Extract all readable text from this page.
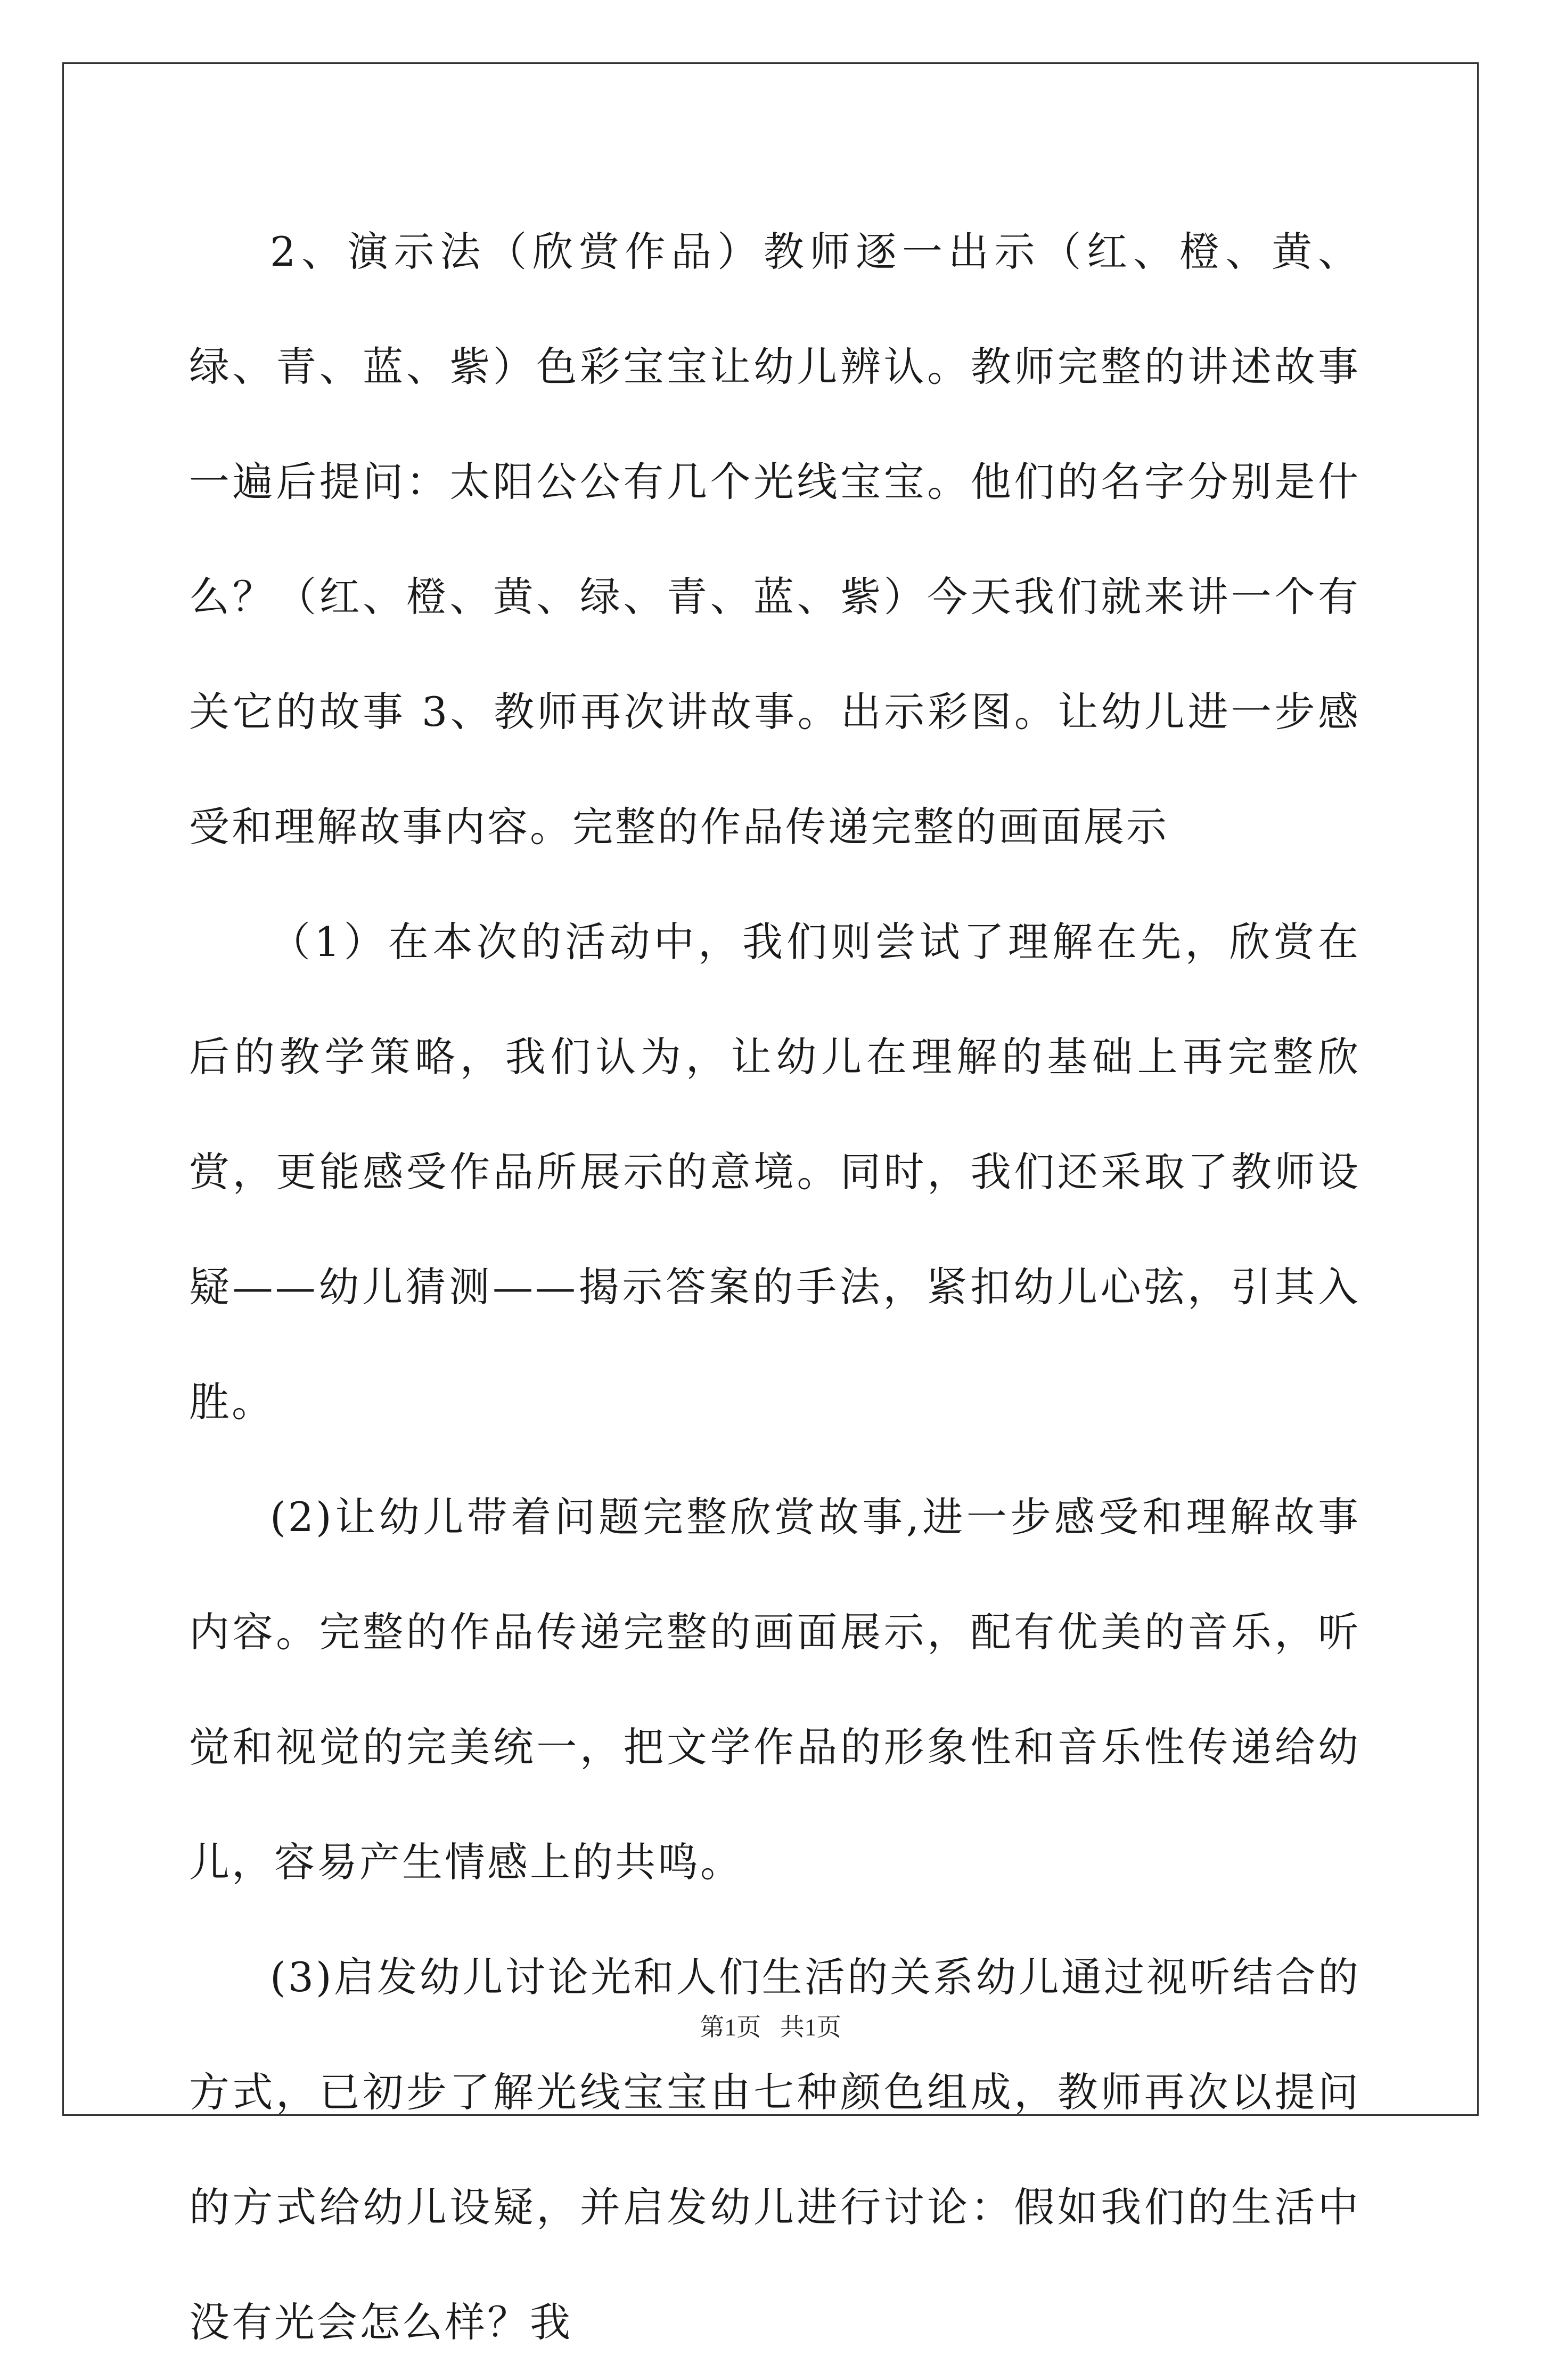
2、演示法（欣赏作品）教师逐一出示（红、橙、黄、绿、青、蓝、紫）色彩宝宝让幼儿辨认。教师完整的讲述故事一遍后提问：太阳公公有几个光线宝宝。他们的名字分别是什么？（红、橙、黄、绿、青、蓝、紫）今天我们就来讲一个有关它的故事 3、教师再次讲故事。出示彩图。让幼儿进一步感受和理解故事内容。完整的作品传递完整的画面展示

（1）在本次的活动中，我们则尝试了理解在先，欣赏在后的教学策略，我们认为，让幼儿在理解的基础上再完整欣赏，更能感受作品所展示的意境。同时，我们还采取了教师设疑——幼儿猜测——揭示答案的手法，紧扣幼儿心弦，引其入胜。

(2)让幼儿带着问题完整欣赏故事,进一步感受和理解故事内容。完整的作品传递完整的画面展示，配有优美的音乐，听觉和视觉的完美统一，把文学作品的形象性和音乐性传递给幼儿，容易产生情感上的共鸣。

(3)启发幼儿讨论光和人们生活的关系幼儿通过视听结合的方式，已初步了解光线宝宝由七种颜色组成，教师再次以提问的方式给幼儿设疑，并启发幼儿进行讨论：假如我们的生活中没有光会怎么样？我

第1页 共1页
